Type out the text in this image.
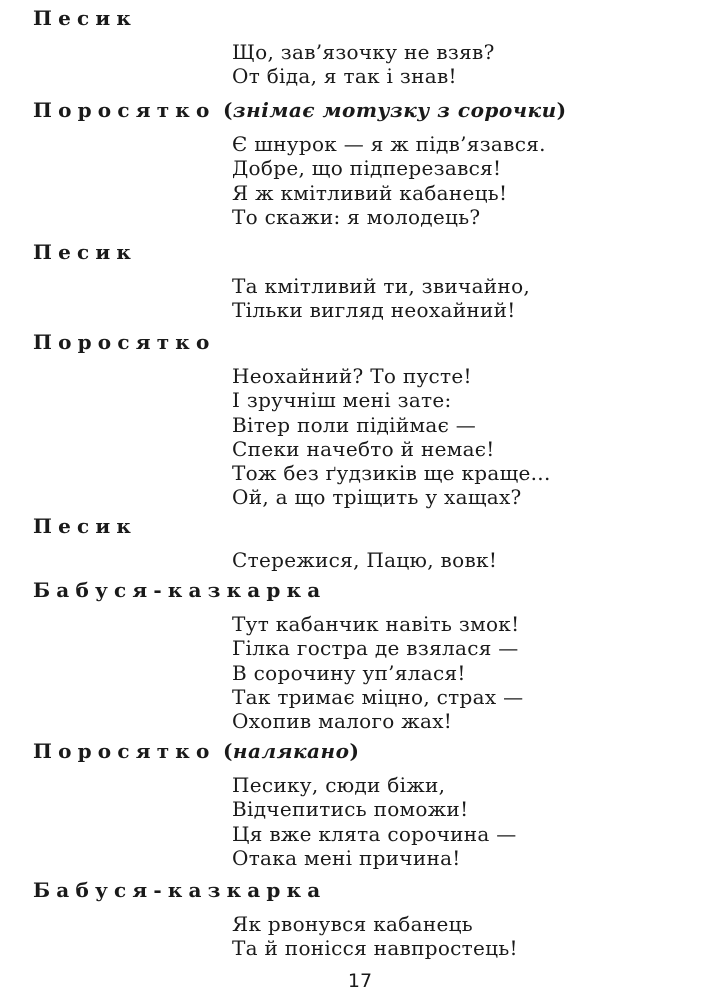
Песик
Що, зав’язочку не взяв?
От біда, я так і знав!
Поросятко (знімає мотузку з сорочки)
Є шнурок — я ж підв’язався.
Добре, що підперезався!
Я ж кмітливий кабанець!
То скажи: я молодець?
Песик
Та кмітливий ти, звичайно,
Тільки вигляд неохайний!
Поросятко
Неохайний? То пусте!
І зручніш мені зате:
Вітер поли підіймає —
Спеки начебто й немає!
Тож без ґудзиків ще краще...
Ой, а що тріщить у хащах?
Песик
Стережися, Пацю, вовк!
Бабуся-казкарка
Тут кабанчик навіть змок!
Гілка гостра де взялася —
В сорочину уп’ялася!
Так тримає міцно, страх —
Охопив малого жах!
Поросятко (налякано)
Песику, сюди біжи,
Відчепитись поможи!
Ця вже клята сорочина —
Отака мені причина!
Бабуся-казкарка
Як рвонувся кабанець
Та й понісся навпростець!
17
